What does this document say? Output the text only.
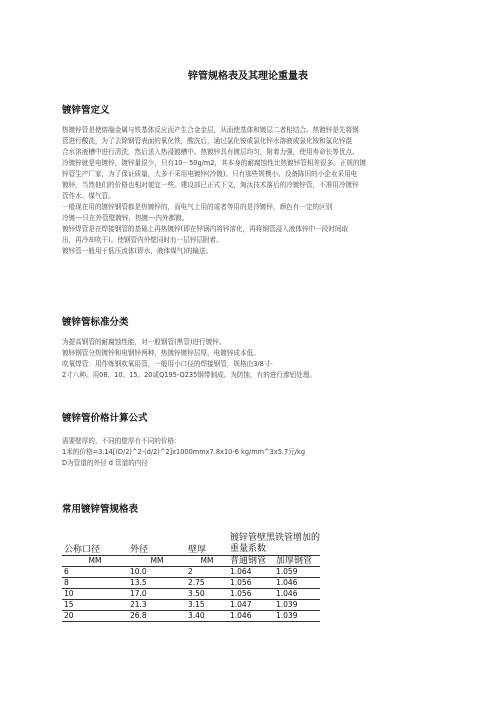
锌管规格表及其理论重量表
镀锌管定义
热镀锌管是使熔融金属与铁基体反应而产生合金金层，从而使基体和镀层二者相结合。热镀锌是先将钢
管进行酸洗，为了去除钢管表面的氧化铁，酸洗后，通过氯化铵或氯化锌水溶液或氯化铵和氯化锌混
合水溶液槽中进行清洗，然后送入热浸镀槽中。热镀锌具有镀层均匀，附着力强，使用寿命长等优点。
冷镀锌就是电镀锌，镀锌量很少，只有10－50g/m2，其本身的耐腐蚀性比热镀锌管相差很多。正规的镀
锌管生产厂家，为了保证质量，大多不采用电镀锌(冷镀)。只有那些规模小、设备陈旧的小企业采用电
镀锌，当然他们的价格也相对便宜一些。建设部已正式下文，淘汰技术落后的冷镀锌管，不准用冷镀锌
管作水、煤气管。
一般现在用的镀锌钢管都是热镀锌的，而电气上用的或者等用的是冷镀锌，颜色有一定的区别
冷镀---只在外管壁镀锌，热镀---内外都镀。
镀锌焊管是在焊接钢管的基础上再热镀锌(即在锌锅内将锌溶化，再将钢管浸入液体锌中一段时间取
出，再冷却吹干)。使钢管内外壁同时有一层锌层附着。
镀锌管一般用于低压流体(即水，液体煤气)的输送。
镀锌管标准分类
为提高钢管的耐腐蚀性能，对一般钢管(黑管)进行镀锌。
镀锌钢管分热镀锌和电钢锌两种，热镀锌镀锌层厚，电镀锌成本低。
吹氧焊管：用作炼钢吹氧用管，一般用小口径的焊接钢管，规格由3/8寸-
2寸八种。用08、10、15、20或Q195-Q235钢带制成。为防蚀，有的进行渗铝处理。
镀锌管价格计算公式
需要壁厚的，不同的壁厚有不同的价格：
1米的价格=3.14[(D/2)^2-(d/2)^2]x1000mmx7.8x10-6 kg/mm^3x5.7元/kg
D为管道的外径 d 管道的内径
常用镀锌管规格表
公称口径	外径	壁厚	镀锌管壁黑铁管增加的重量系数	
MM	MM	MM	普通钢管	加厚钢管
6	10.0	2	1.064	1.059
8	13.5	2.75	1.056	1.046
10	17.0	3.50	1.056	1.046
15	21.3	3.15	1.047	1.039
20	26.8	3.40	1.046	1.039
